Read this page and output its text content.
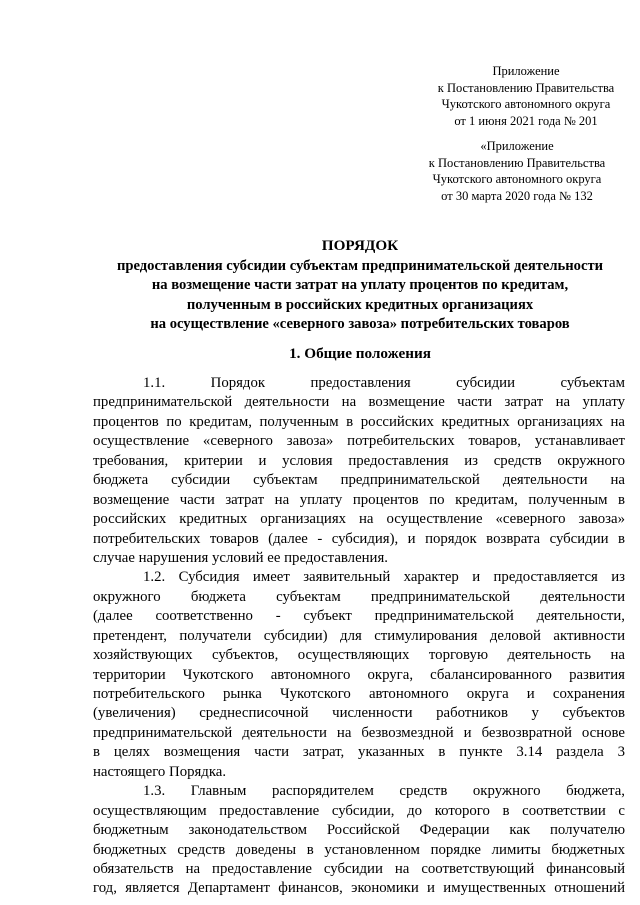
Приложение
к Постановлению Правительства
Чукотского автономного округа
от 1 июня 2021 года № 201
«Приложение
к Постановлению Правительства
Чукотского автономного округа
от 30 марта 2020 года № 132
ПОРЯДОК
предоставления субсидии субъектам предпринимательской деятельности
на возмещение части затрат на уплату процентов по кредитам,
полученным в российских кредитных организациях
на осуществление «северного завоза» потребительских товаров
1. Общие положения
1.1. Порядок предоставления субсидии субъектам
предпринимательской деятельности на возмещение части затрат на уплату
процентов по кредитам, полученным в российских кредитных организациях на
осуществление «северного завоза» потребительских товаров, устанавливает
требования, критерии и условия предоставления из средств окружного
бюджета субсидии субъектам предпринимательской деятельности на
возмещение части затрат на уплату процентов по кредитам, полученным в
российских кредитных организациях на осуществление «северного завоза»
потребительских товаров (далее - субсидия), и порядок возврата субсидии в
случае нарушения условий ее предоставления.
1.2. Субсидия имеет заявительный характер и предоставляется из
окружного бюджета субъектам предпринимательской деятельности
(далее соответственно - субъект предпринимательской деятельности,
претендент, получатели субсидии) для стимулирования деловой активности
хозяйствующих субъектов, осуществляющих торговую деятельность на
территории Чукотского автономного округа, сбалансированного развития
потребительского рынка Чукотского автономного округа и сохранения
(увеличения) среднесписочной численности работников у субъектов
предпринимательской деятельности на безвозмездной и безвозвратной основе
в целях возмещения части затрат, указанных в пункте 3.14 раздела 3
настоящего Порядка.
1.3. Главным распорядителем средств окружного бюджета,
осуществляющим предоставление субсидии, до которого в соответствии с
бюджетным законодательством Российской Федерации как получателю
бюджетных средств доведены в установленном порядке лимиты бюджетных
обязательств на предоставление субсидии на соответствующий финансовый
год, является Департамент финансов, экономики и имущественных отношений
